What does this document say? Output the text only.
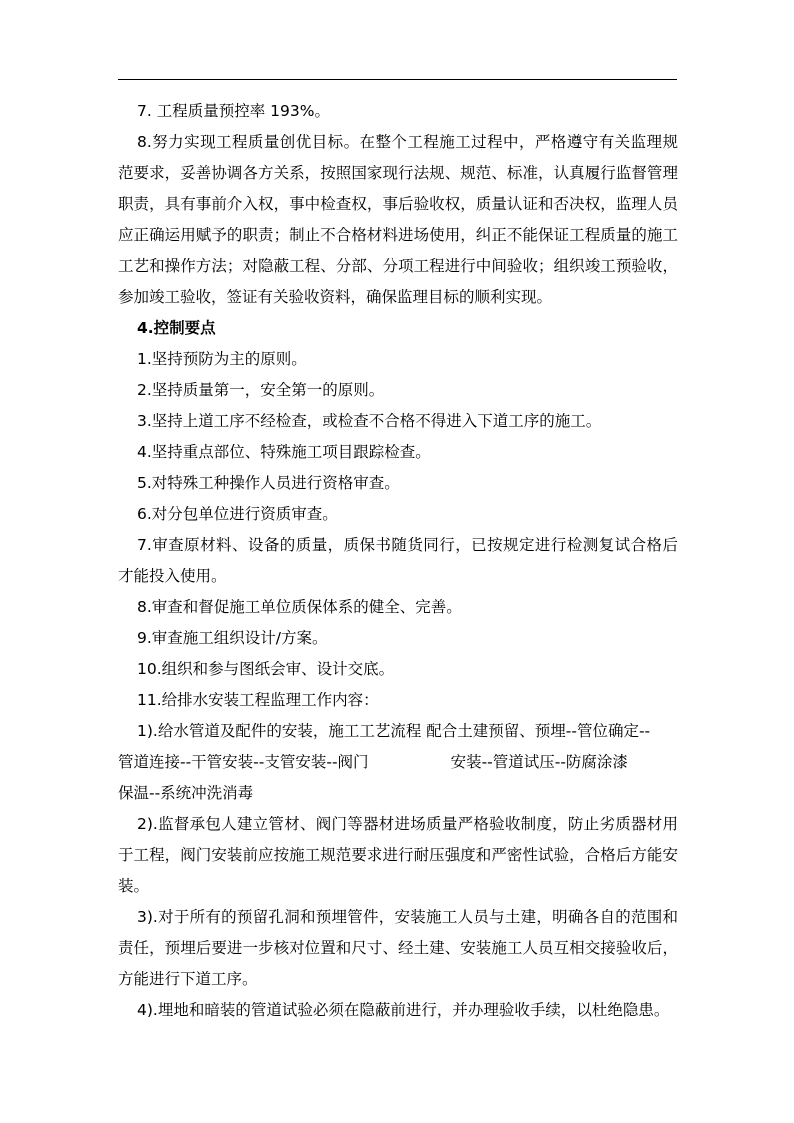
7. 工程质量预控率 193%。

8.努力实现工程质量创优目标。在整个工程施工过程中，严格遵守有关监理规范要求，妥善协调各方关系，按照国家现行法规、规范、标准，认真履行监督管理职责，具有事前介入权，事中检查权，事后验收权，质量认证和否决权，监理人员应正确运用赋予的职责；制止不合格材料进场使用，纠正不能保证工程质量的施工工艺和操作方法；对隐蔽工程、分部、分项工程进行中间验收；组织竣工预验收，参加竣工验收，签证有关验收资料，确保监理目标的顺利实现。

4.控制要点

1.坚持预防为主的原则。

2.坚持质量第一，安全第一的原则。

3.坚持上道工序不经检查，或检查不合格不得进入下道工序的施工。

4.坚持重点部位、特殊施工项目跟踪检查。

5.对特殊工种操作人员进行资格审查。

6.对分包单位进行资质审查。

7.审查原材料、设备的质量，质保书随货同行，已按规定进行检测复试合格后才能投入使用。

8.审查和督促施工单位质保体系的健全、完善。

9.审查施工组织设计/方案。

10.组织和参与图纸会审、设计交底。

11.给排水安装工程监理工作内容：

1).给水管道及配件的安装，施工工艺流程 配合土建预留、预埋--管位确定--

管道连接--干管安装--支管安装--阀门	安装--管道试压--防腐涂漆

保温--系统冲洗消毒

2).监督承包人建立管材、阀门等器材进场质量严格验收制度，防止劣质器材用于工程，阀门安装前应按施工规范要求进行耐压强度和严密性试验，合格后方能安装。

3).对于所有的预留孔洞和预埋管件，安装施工人员与土建，明确各自的范围和责任，预埋后要进一步核对位置和尺寸、经土建、安装施工人员互相交接验收后，方能进行下道工序。

4).埋地和暗装的管道试验必须在隐蔽前进行，并办理验收手续，以杜绝隐患。
